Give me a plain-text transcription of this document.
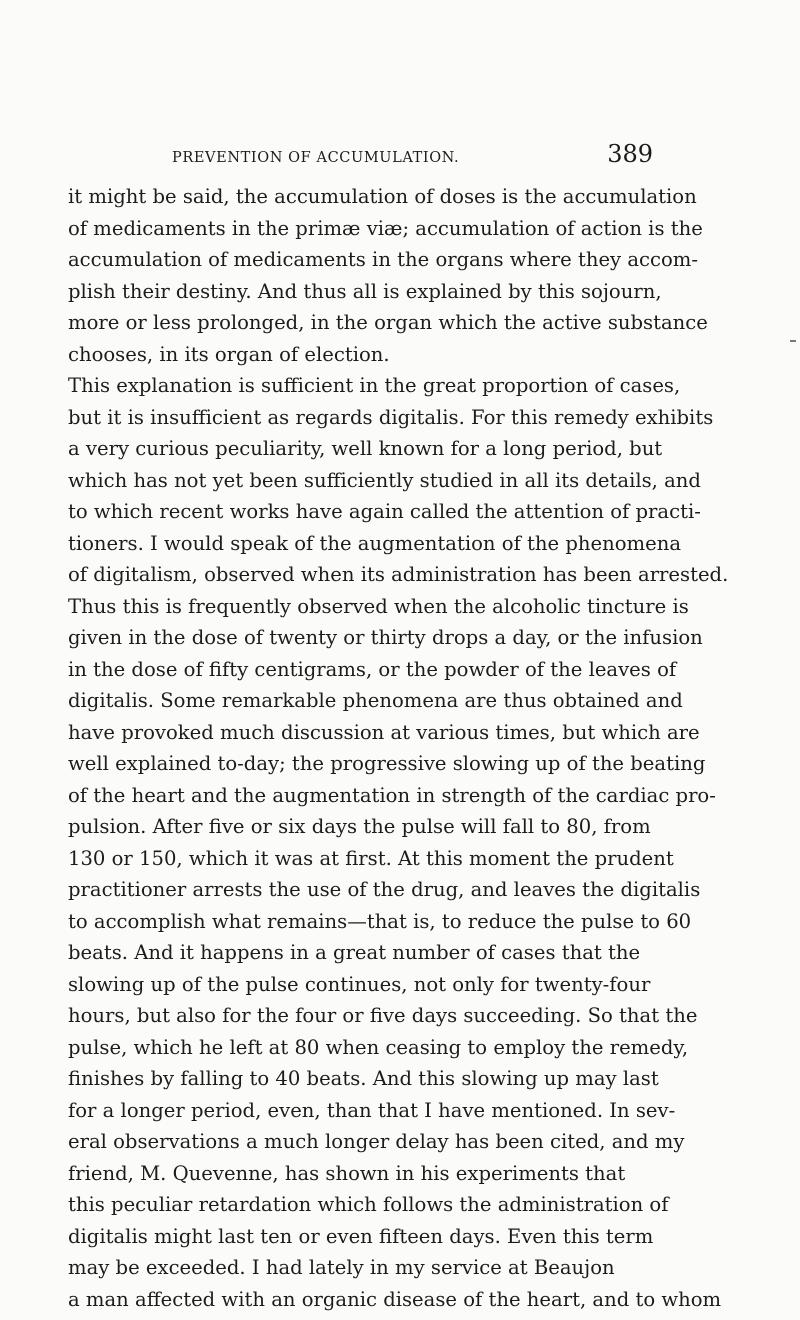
PREVENTION OF ACCUMULATION.	389
it might be said, the accumulation of doses is the accumulation
of medicaments in the primæ viæ; accumulation of action is the
accumulation of medicaments in the organs where they accom-
plish their destiny. And thus all is explained by this sojourn,
more or less prolonged, in the organ which the active substance
chooses, in its organ of election.
This explanation is sufficient in the great proportion of cases,
but it is insufficient as regards digitalis. For this remedy exhibits
a very curious peculiarity, well known for a long period, but
which has not yet been sufficiently studied in all its details, and
to which recent works have again called the attention of practi-
tioners. I would speak of the augmentation of the phenomena
of digitalism, observed when its administration has been arrested.
Thus this is frequently observed when the alcoholic tincture is
given in the dose of twenty or thirty drops a day, or the infusion
in the dose of fifty centigrams, or the powder of the leaves of
digitalis. Some remarkable phenomena are thus obtained and
have provoked much discussion at various times, but which are
well explained to-day; the progressive slowing up of the beating
of the heart and the augmentation in strength of the cardiac pro-
pulsion. After five or six days the pulse will fall to 80, from
130 or 150, which it was at first. At this moment the prudent
practitioner arrests the use of the drug, and leaves the digitalis
to accomplish what remains—that is, to reduce the pulse to 60
beats. And it happens in a great number of cases that the
slowing up of the pulse continues, not only for twenty-four
hours, but also for the four or five days succeeding. So that the
pulse, which he left at 80 when ceasing to employ the remedy,
finishes by falling to 40 beats. And this slowing up may last
for a longer period, even, than that I have mentioned. In sev-
eral observations a much longer delay has been cited, and my
friend, M. Quevenne, has shown in his experiments that
this peculiar retardation which follows the administration of
digitalis might last ten or even fifteen days. Even this term
may be exceeded. I had lately in my service at Beaujon
a man affected with an organic disease of the heart, and to whom
